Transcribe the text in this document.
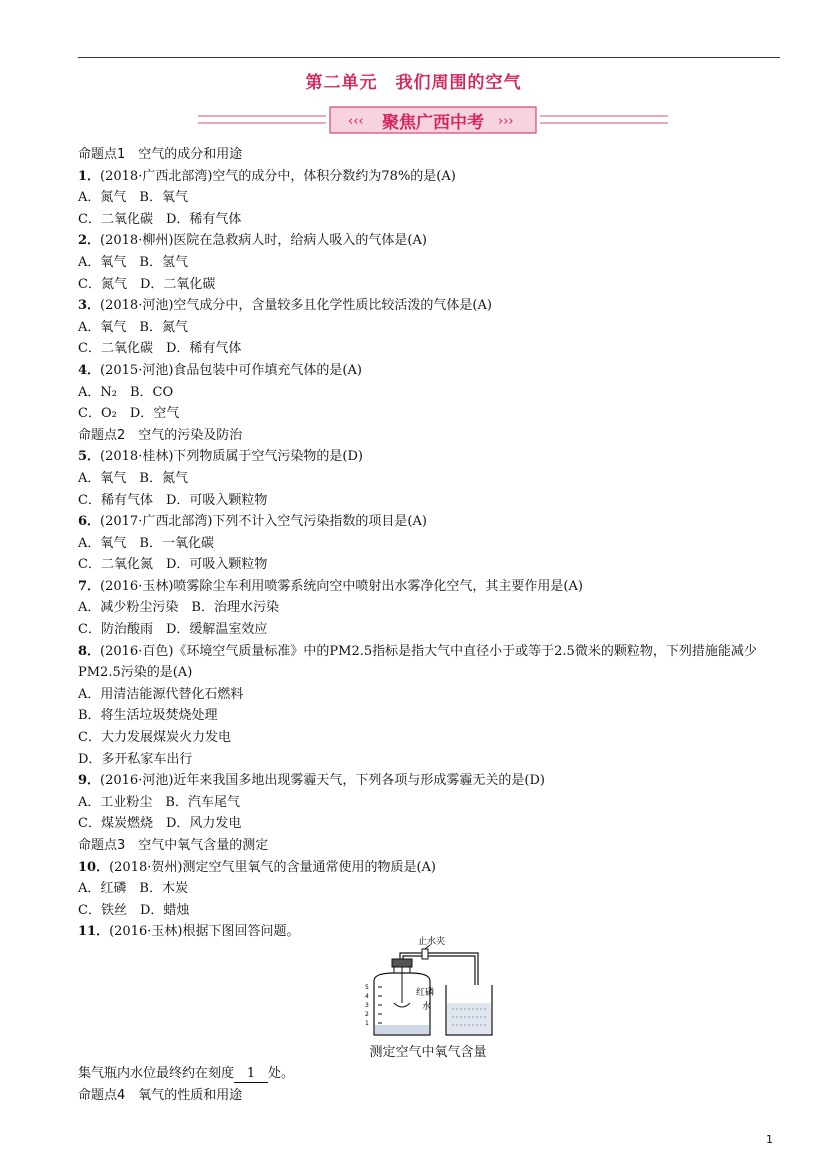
第二单元　我们周围的空气
‹‹‹	›››
聚焦广西中考
命题点1　空气的成分和用途
1．(2018·广西北部湾)空气的成分中，体积分数约为78%的是(A)
A．氮气　B．氧气
C．二氧化碳　D．稀有气体
2．(2018·柳州)医院在急救病人时，给病人吸入的气体是(A)
A．氧气　B．氢气
C．氮气　D．二氧化碳
3．(2018·河池)空气成分中，含量较多且化学性质比较活泼的气体是(A)
A．氧气　B．氮气
C．二氧化碳　D．稀有气体
4．(2015·河池)食品包装中可作填充气体的是(A)
A．N₂　B．CO
C．O₂　D．空气
命题点2　空气的污染及防治
5．(2018·桂林)下列物质属于空气污染物的是(D)
A．氧气　B．氮气
C．稀有气体　D．可吸入颗粒物
6．(2017·广西北部湾)下列不计入空气污染指数的项目是(A)
A．氧气　B．一氧化碳
C．二氧化氮　D．可吸入颗粒物
7．(2016·玉林)喷雾除尘车利用喷雾系统向空中喷射出水雾净化空气，其主要作用是(A)
A．减少粉尘污染　B．治理水污染
C．防治酸雨　D．缓解温室效应
8．(2016·百色)《环境空气质量标准》中的PM2.5指标是指大气中直径小于或等于2.5微米的颗粒物，下列措施能减少PM2.5污染的是(A)
A．用清洁能源代替化石燃料
B．将生活垃圾焚烧处理
C．大力发展煤炭火力发电
D．多开私家车出行
9．(2016·河池)近年来我国多地出现雾霾天气，下列各项与形成雾霾无关的是(D)
A．工业粉尘　B．汽车尾气
C．煤炭燃烧　D．风力发电
命题点3　空气中氧气含量的测定
10．(2018·贺州)测定空气里氧气的含量通常使用的物质是(A)
A．红磷　B．木炭
C．铁丝　D．蜡烛
11．(2016·玉林)根据下图回答问题。
5
4
3
2
1
止水夹
红磷
水
测定空气中氧气含量
集气瓶内水位最终约在刻度 1 处。
命题点4　氧气的性质和用途
1
